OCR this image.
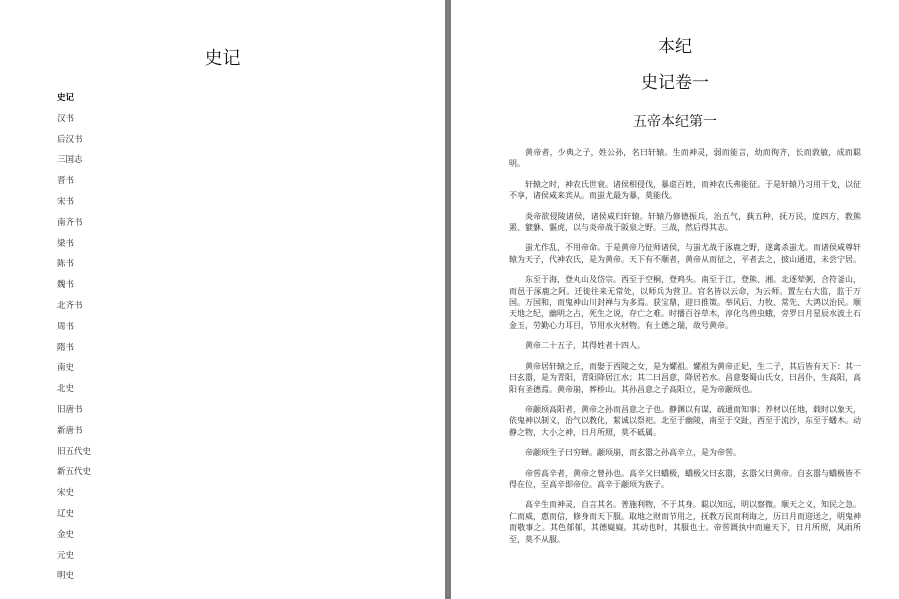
史记
史记
汉书
后汉书
三国志
晋书
宋书
南齐书
梁书
陈书
魏书
北齐书
周书
隋书
南史
北史
旧唐书
新唐书
旧五代史
新五代史
宋史
辽史
金史
元史
明史
本纪
史记卷一
五帝本纪第一

黄帝者，少典之子，姓公孙，名曰轩辕。生而神灵，弱而能言，幼而徇齐，长而敦敏，成而聪明。

轩辕之时，神农氏世衰。诸侯相侵伐，暴虐百姓，而神农氏弗能征。于是轩辕乃习用干戈，以征不享，诸侯咸来宾从。而蚩尤最为暴，莫能伐。

炎帝欲侵陵诸侯，诸侯咸归轩辕。轩辕乃修德振兵，治五气，蓺五种，抚万民，度四方，教熊罴、貔貅、貙虎，以与炎帝战于阪泉之野。三战，然后得其志。

蚩尤作乱，不用帝命。于是黄帝乃征师诸侯，与蚩尤战于涿鹿之野，遂禽杀蚩尤。而诸侯咸尊轩辕为天子，代神农氏，是为黄帝。天下有不顺者，黄帝从而征之，平者去之，披山通道，未尝宁居。

东至于海，登丸山及岱宗。西至于空桐，登鸡头。南至于江，登熊、湘。北逐荤粥，合符釜山，而邑于涿鹿之阿。迁徙往来无常处，以师兵为营卫。官名皆以云命，为云师。置左右大监，监于万国。万国和，而鬼神山川封禅与为多焉。获宝鼎，迎日推策。举风后、力牧、常先、大鸿以治民。顺天地之纪，幽明之占，死生之说，存亡之难。时播百谷草木，淳化鸟兽虫蛾，旁罗日月星辰水波土石金玉，劳勤心力耳目，节用水火材物。有土德之瑞，故号黄帝。

黄帝二十五子，其得姓者十四人。

黄帝居轩辕之丘，而娶于西陵之女，是为嫘祖。嫘祖为黄帝正妃，生二子，其后皆有天下：其一曰玄嚣，是为青阳，青阳降居江水；其二曰昌意，降居若水。昌意娶蜀山氏女，曰昌仆，生高阳，高阳有圣德焉。黄帝崩，葬桥山。其孙昌意之子高阳立，是为帝颛顼也。

帝颛顼高阳者，黄帝之孙而昌意之子也。静渊以有谋，疏通而知事；养材以任地，载时以象天，依鬼神以制义，治气以教化，絜诚以祭祀。北至于幽陵，南至于交趾，西至于流沙，东至于蟠木。动静之物，大小之神，日月所照，莫不砥属。

帝颛顼生子曰穷蝉。颛顼崩，而玄嚣之孙高辛立，是为帝喾。

帝喾高辛者，黄帝之曾孙也。高辛父曰蟜极，蟜极父曰玄嚣，玄嚣父曰黄帝。自玄嚣与蟜极皆不得在位，至高辛即帝位。高辛于颛顼为族子。

高辛生而神灵，自言其名。普施利物，不于其身。聪以知远，明以察微。顺天之义，知民之急。仁而威，惠而信，修身而天下服。取地之财而节用之，抚教万民而利诲之，历日月而迎送之，明鬼神而敬事之。其色郁郁，其德嶷嶷。其动也时，其服也士。帝喾溉执中而遍天下，日月所照，风雨所至，莫不从服。
